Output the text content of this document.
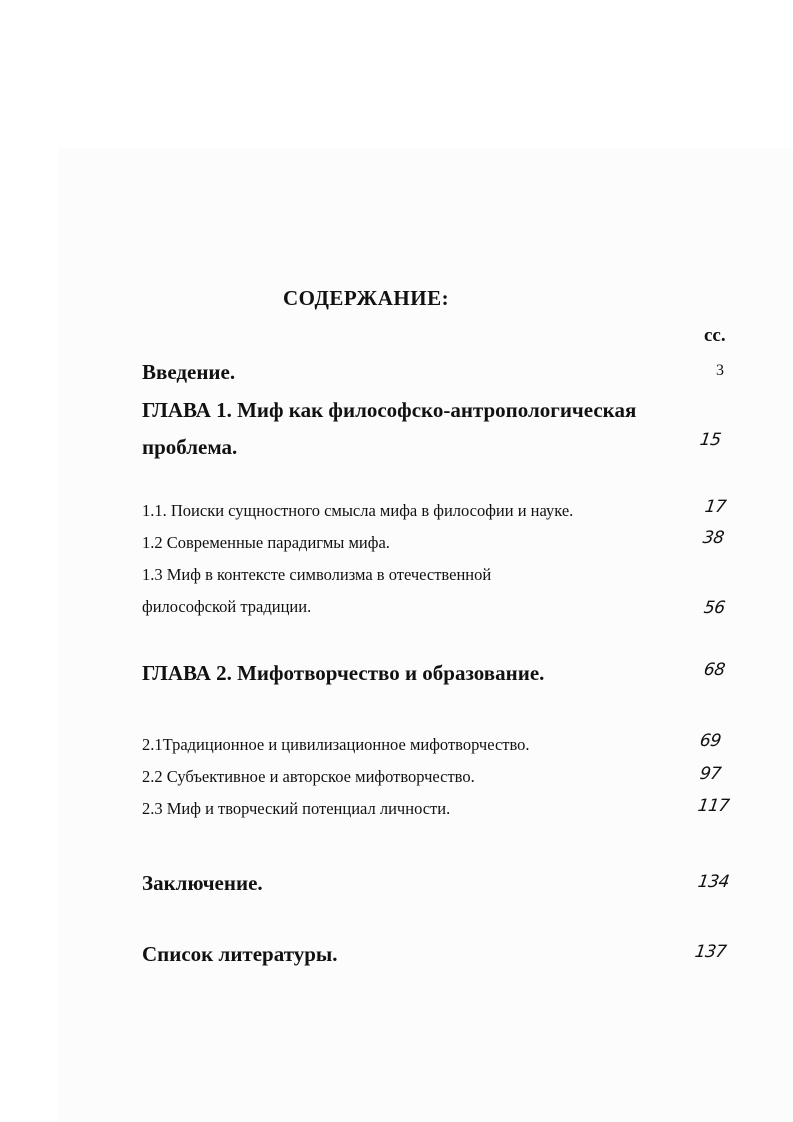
СОДЕРЖАНИЕ:
сс.
Введение.	3
ГЛАВА 1. Миф как философско-антропологическая
проблема.	15
1.1. Поиски сущностного смысла мифа в философии и науке.	17
1.2 Современные парадигмы мифа.	38
1.3 Миф в контексте символизма в отечественной
философской традиции.	56
ГЛАВА 2. Мифотворчество и образование.	68
2.1Традиционное и цивилизационное мифотворчество.	69
2.2 Субъективное и авторское мифотворчество.	97
2.3 Миф и творческий потенциал личности.	117
Заключение.	134
Список литературы.	137
